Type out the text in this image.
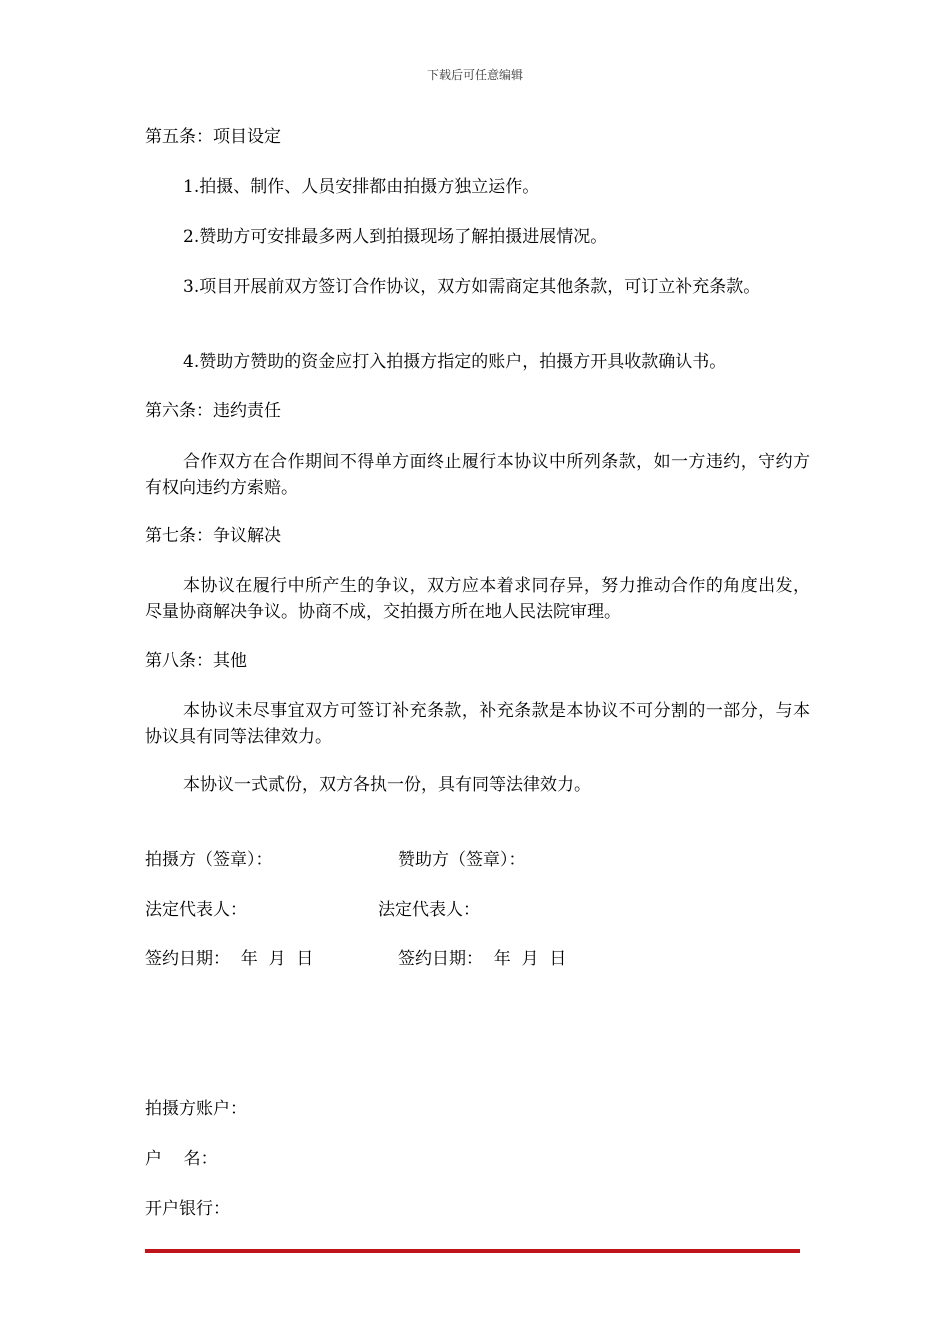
下载后可任意编辑
第五条：项目设定
1.拍摄、制作、人员安排都由拍摄方独立运作。
2.赞助方可安排最多两人到拍摄现场了解拍摄进展情况。
3.项目开展前双方签订合作协议，双方如需商定其他条款，可订立补充条款。
4.赞助方赞助的资金应打入拍摄方指定的账户，拍摄方开具收款确认书。
第六条：违约责任
合作双方在合作期间不得单方面终止履行本协议中所列条款，如一方违约，守约方有权向违约方索赔。
第七条：争议解决
本协议在履行中所产生的争议，双方应本着求同存异，努力推动合作的角度出发，尽量协商解决争议。协商不成，交拍摄方所在地人民法院审理。
第八条：其他
本协议未尽事宜双方可签订补充条款，补充条款是本协议不可分割的一部分，与本协议具有同等法律效力。
本协议一式贰份，双方各执一份，具有同等法律效力。
拍摄方（签章）：	赞助方（签章）：
法定代表人：	法定代表人：
签约日期：  年  月  日	签约日期：  年  月  日
拍摄方账户：
户    名：
开户银行：
